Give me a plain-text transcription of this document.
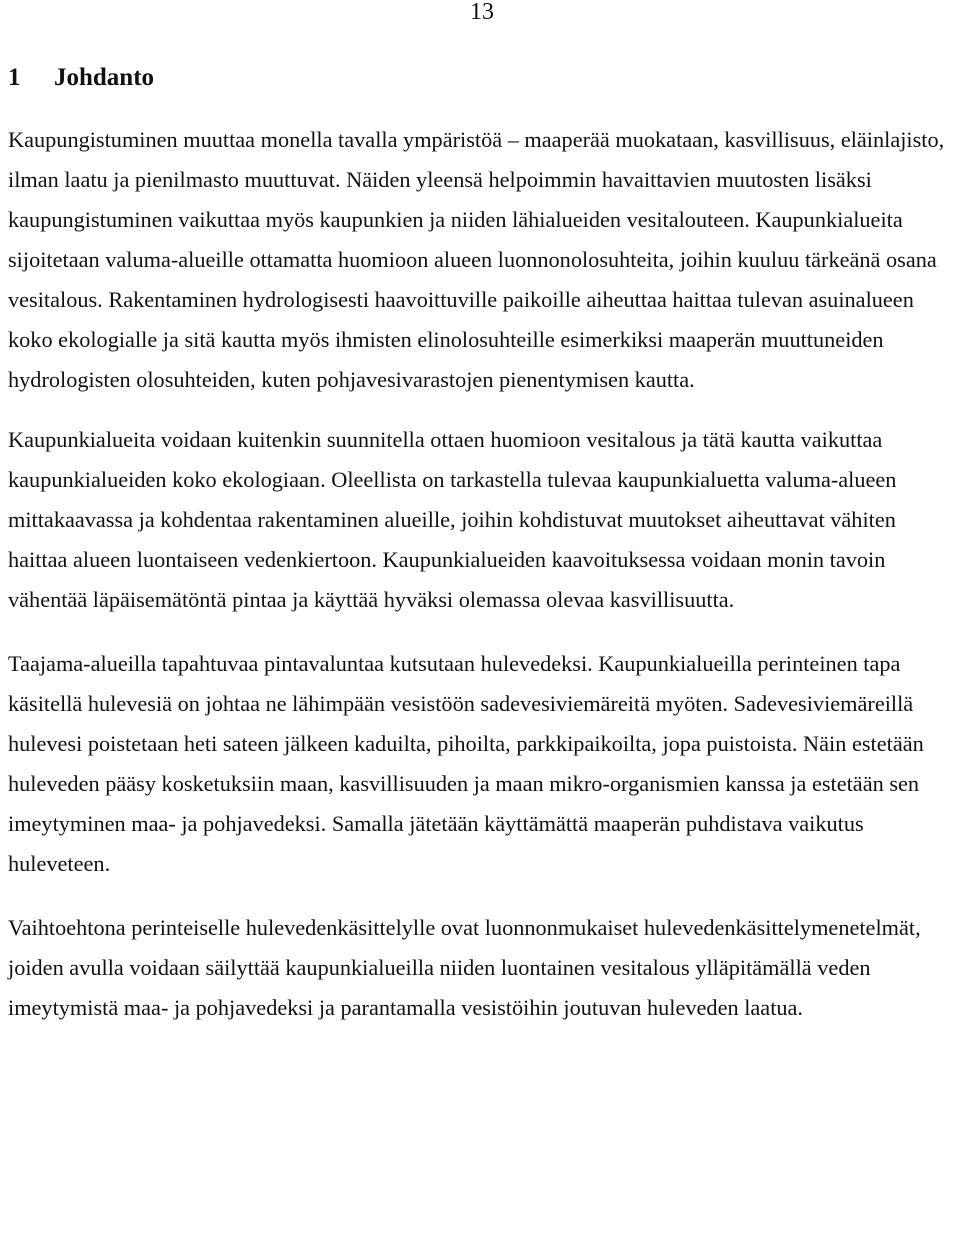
13
1 Johdanto

Kaupungistuminen muuttaa monella tavalla ympäristöä – maaperää muokataan, kasvillisuus, eläinlajisto, ilman laatu ja pienilmasto muuttuvat. Näiden yleensä helpoimmin havaittavien muutosten lisäksi kaupungistuminen vaikuttaa myös kaupunkien ja niiden lähialueiden vesitalouteen. Kaupunkialueita sijoitetaan valuma-alueille ottamatta huomioon alueen luonnonolosuhteita, joihin kuuluu tärkeänä osana vesitalous. Rakentaminen hydrologisesti haavoittuville paikoille aiheuttaa haittaa tulevan asuinalueen koko ekologialle ja sitä kautta myös ihmisten elinolosuhteille esimerkiksi maaperän muuttuneiden hydrologisten olosuhteiden, kuten pohjavesivarastojen pienentymisen kautta.

Kaupunkialueita voidaan kuitenkin suunnitella ottaen huomioon vesitalous ja tätä kautta vaikuttaa kaupunkialueiden koko ekologiaan. Oleellista on tarkastella tulevaa kaupunkialuetta valuma-alueen mittakaavassa ja kohdentaa rakentaminen alueille, joihin kohdistuvat muutokset aiheuttavat vähiten haittaa alueen luontaiseen vedenkiertoon. Kaupunkialueiden kaavoituksessa voidaan monin tavoin vähentää läpäisemätöntä pintaa ja käyttää hyväksi olemassa olevaa kasvillisuutta.

Taajama-alueilla tapahtuvaa pintavaluntaa kutsutaan hulevedeksi. Kaupunkialueilla perinteinen tapa käsitellä hulevesiä on johtaa ne lähimpään vesistöön sadevesiviemäreitä myöten. Sadevesiviemäreillä hulevesi poistetaan heti sateen jälkeen kaduilta, pihoilta, parkkipaikoilta, jopa puistoista. Näin estetään huleveden pääsy kosketuksiin maan, kasvillisuuden ja maan mikro-organismien kanssa ja estetään sen imeytyminen maa- ja pohjavedeksi. Samalla jätetään käyttämättä maaperän puhdistava vaikutus huleveteen.

Vaihtoehtona perinteiselle hulevedenkäsittelylle ovat luonnonmukaiset hulevedenkäsittelymenetelmät, joiden avulla voidaan säilyttää kaupunkialueilla niiden luontainen vesitalous ylläpitämällä veden imeytymistä maa- ja pohjavedeksi ja parantamalla vesistöihin joutuvan huleveden laatua.
